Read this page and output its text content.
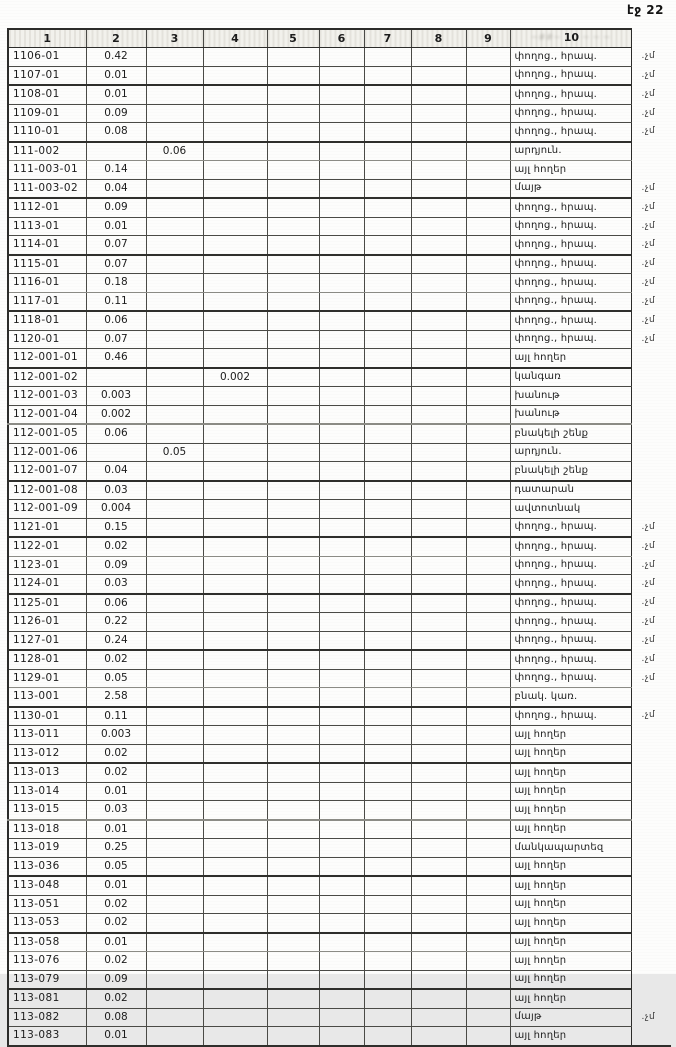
էջ 22
1	2	3	4	5	6	7	8	9	~##~ 10 ~ ~ ~	
1106-01	0.42								փողոց., հրապ.	.չմ
1107-01	0.01								փողոց., հրապ.	.չմ
1108-01	0.01								փողոց., հրապ.	.չմ
1109-01	0.09								փողոց., հրապ.	.չմ
1110-01	0.08								փողոց., հրապ.	.չմ
111-002		0.06							արդյուն.	
111-003-01	0.14								այլ հողեր	
111-003-02	0.04								մայթ	.չմ
1112-01	0.09								փողոց., հրապ.	.չմ
1113-01	0.01								փողոց., հրապ.	.չմ
1114-01	0.07								փողոց., հրապ.	.չմ
1115-01	0.07								փողոց., հրապ.	.չմ
1116-01	0.18								փողոց., հրապ.	.չմ
1117-01	0.11								փողոց., հրապ.	.չմ
1118-01	0.06								փողոց., հրապ.	.չմ
1120-01	0.07								փողոց., հրապ.	.չմ
112-001-01	0.46								այլ հողեր	
112-001-02			0.002						կանգառ	
112-001-03	0.003								խանութ	
112-001-04	0.002								խանութ	
112-001-05	0.06								բնակելի շենք	
112-001-06		0.05							արդյուն.	
112-001-07	0.04								բնակելի շենք	
112-001-08	0.03								դատարան	
112-001-09	0.004								ավտոտնակ	
1121-01	0.15								փողոց., հրապ.	.չմ
1122-01	0.02								փողոց., հրապ.	.չմ
1123-01	0.09								փողոց., հրապ.	.չմ
1124-01	0.03								փողոց., հրապ.	.չմ
1125-01	0.06								փողոց., հրապ.	.չմ
1126-01	0.22								փողոց., հրապ.	.չմ
1127-01	0.24								փողոց., հրապ.	.չմ
1128-01	0.02								փողոց., հրապ.	.չմ
1129-01	0.05								փողոց., հրապ.	.չմ
113-001	2.58								բնակ. կառ.	
1130-01	0.11								փողոց., հրապ.	.չմ
113-011	0.003								այլ հողեր	
113-012	0.02								այլ հողեր	
113-013	0.02								այլ հողեր	
113-014	0.01								այլ հողեր	
113-015	0.03								այլ հողեր	
113-018	0.01								այլ հողեր	
113-019	0.25								մանկապարտեզ	
113-036	0.05								այլ հողեր	
113-048	0.01								այլ հողեր	
113-051	0.02								այլ հողեր	
113-053	0.02								այլ հողեր	
113-058	0.01								այլ հողեր	
113-076	0.02								այլ հողեր	
113-079	0.09								այլ հողեր	
113-081	0.02								այլ հողեր	
113-082	0.08								մայթ	.չմ
113-083	0.01								այլ հողեր	
